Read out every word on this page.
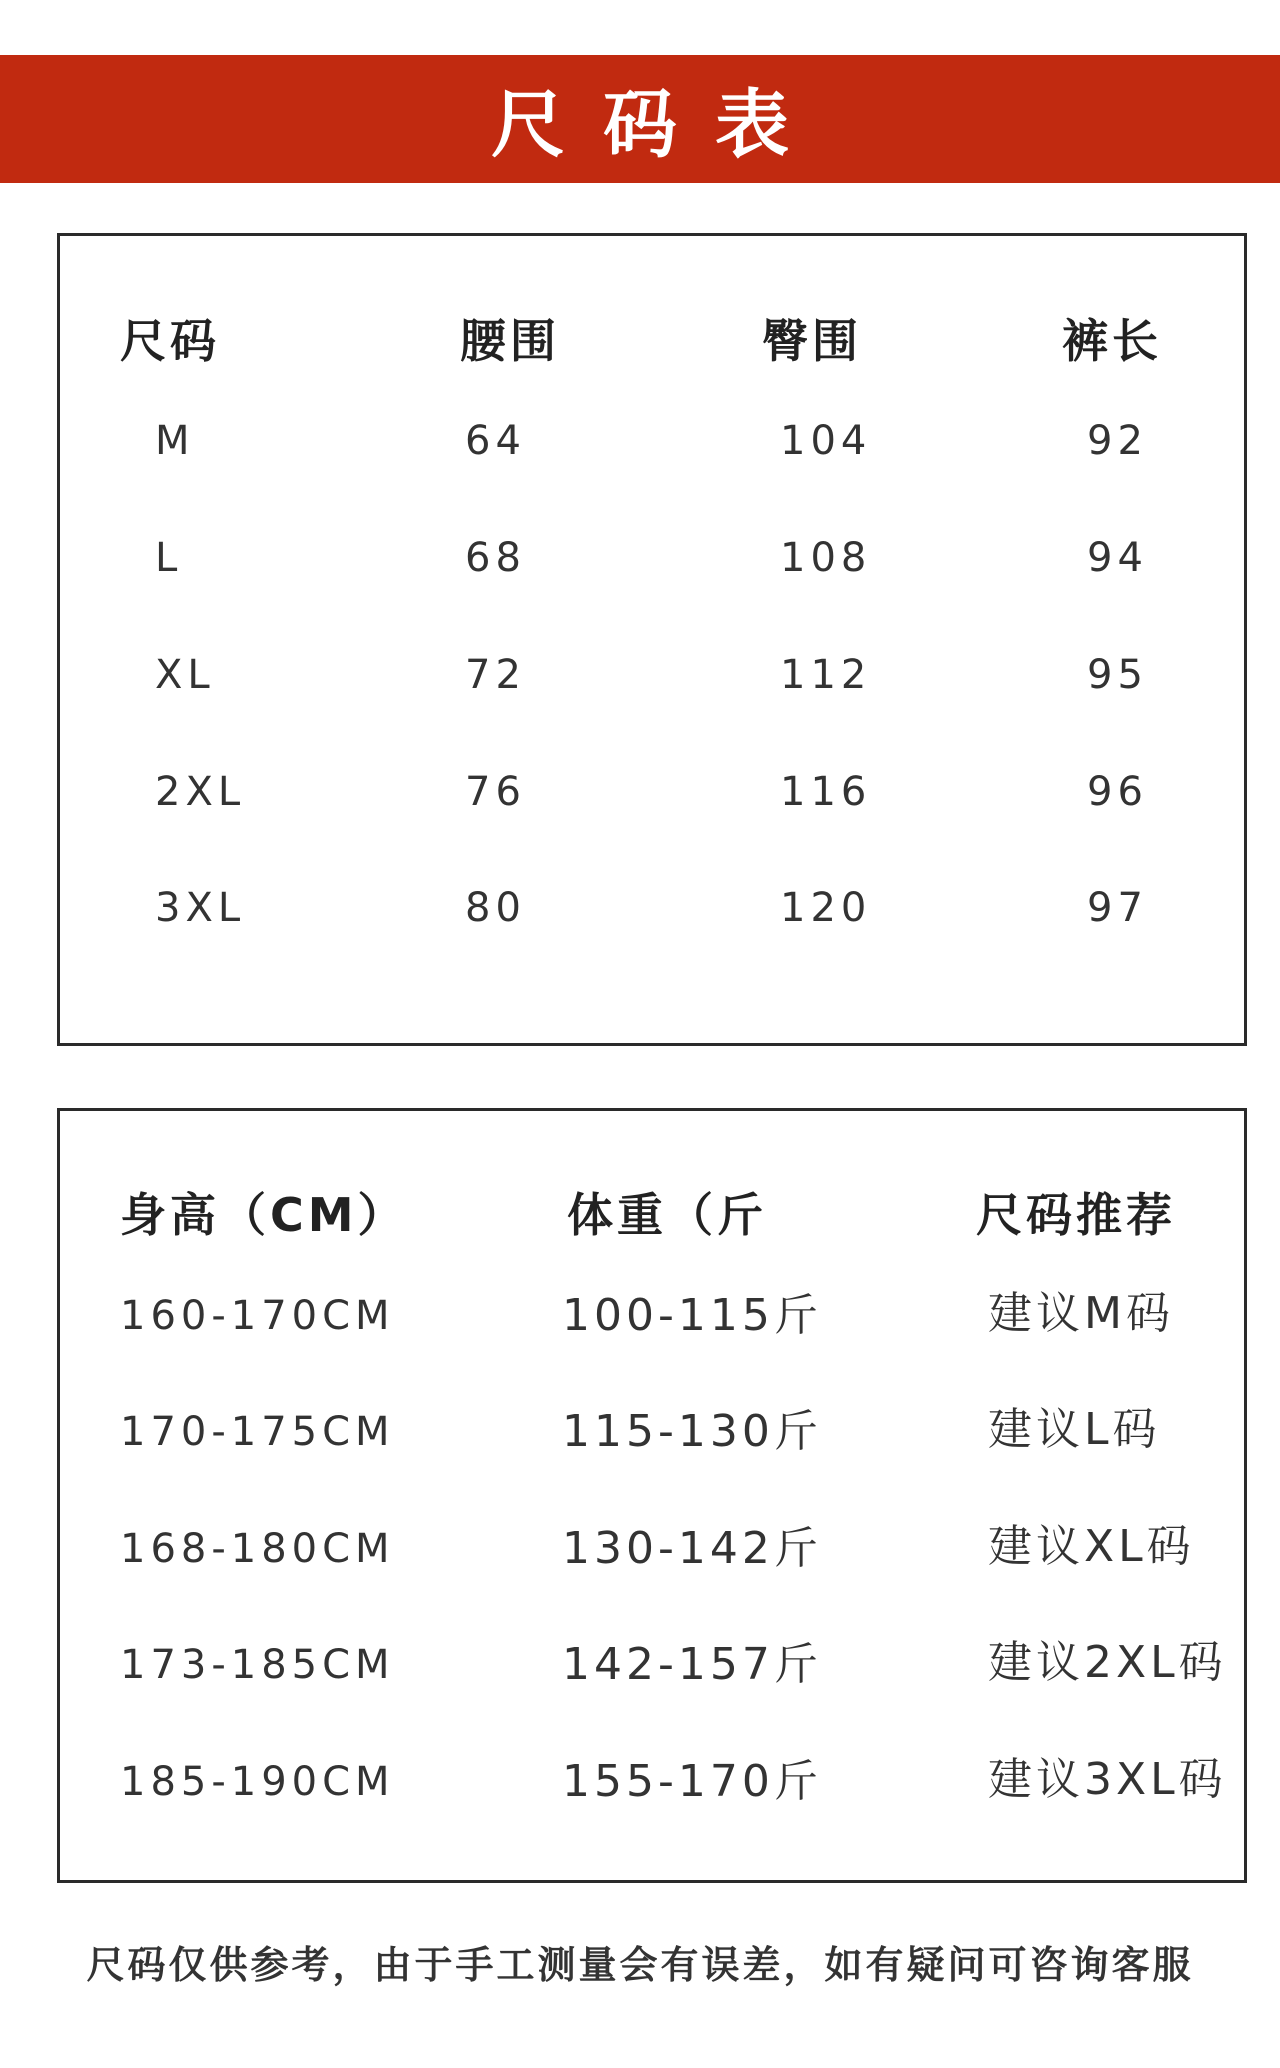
尺码表
尺码	腰围	臀围	裤长
M	64	104	92
L	68	108	94
XL	72	112	95
2XL	76	116	96
3XL	80	120	97
身高（CM）	体重（斤	尺码推荐
160-170CM	100-115斤	建议M码
170-175CM	115-130斤	建议L码
168-180CM	130-142斤	建议XL码
173-185CM	142-157斤	建议2XL码
185-190CM	155-170斤	建议3XL码
尺码仅供参考，由于手工测量会有误差，如有疑问可咨询客服
